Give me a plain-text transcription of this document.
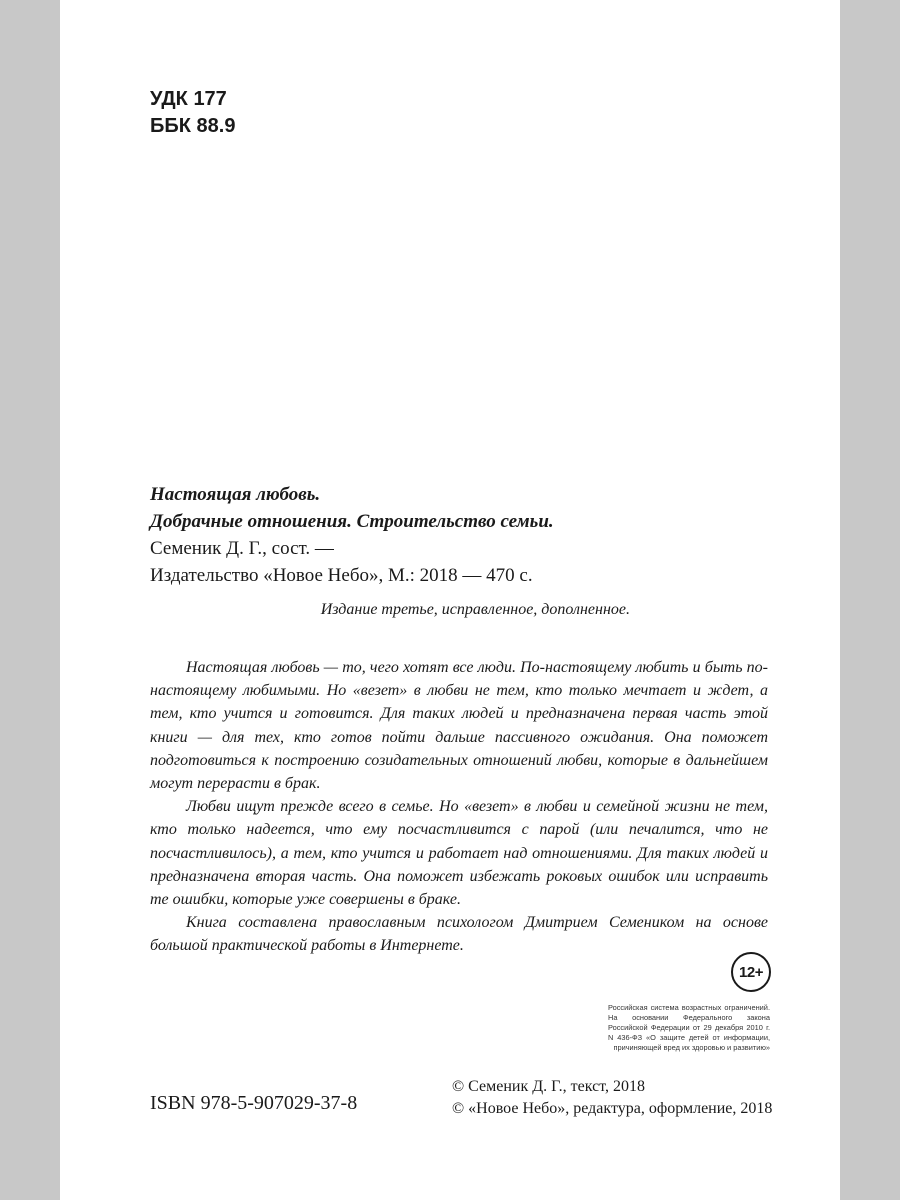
УДК 177
ББК 88.9
Настоящая любовь.
Добрачные отношения. Строительство семьи.
Семеник Д. Г., сост. —
Издательство «Новое Небо», М.: 2018 — 470 с.
Издание третье, исправленное, дополненное.

Настоящая любовь — то, чего хотят все люди. По-настоящему любить и быть по-настоящему любимыми. Но «везет» в любви не тем, кто только мечтает и ждет, а тем, кто учится и готовится. Для таких людей и предназначена первая часть этой книги — для тех, кто готов пойти дальше пассивного ожидания. Она поможет подготовиться к построению созидательных отношений любви, которые в дальнейшем могут перерасти в брак.

Любви ищут прежде всего в семье. Но «везет» в любви и семейной жизни не тем, кто только надеется, что ему посчастливится с парой (или печалится, что не посчастливилось), а тем, кто учится и работает над отношениями. Для таких людей и предназначена вторая часть. Она поможет избежать роковых ошибок или исправить те ошибки, которые уже совершены в браке.

Книга составлена православным психологом Дмитрием Семеником на основе большой практической работы в Интернете.

12+
Российская система возрастных ограничений. На основании Федерального закона Российской Федерации от 29 декабря 2010 г. N 436-ФЗ «О защите детей от информации, причиняющей вред их здоровью и развитию»
ISBN 978-5-907029-37-8
© Семеник Д. Г., текст, 2018
© «Новое Небо», редактура, оформление, 2018
